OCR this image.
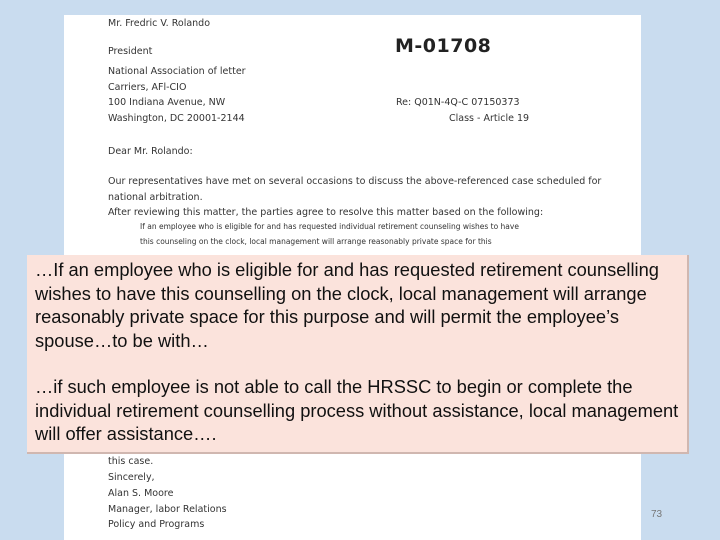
Mr. Fredric V. Rolando
President
National Association of letter
Carriers, AFl-CIO
100 Indiana Avenue, NW
Washington, DC 20001-2144
M-01708
Re: Q01N-4Q-C 07150373
Class - Article 19
Dear Mr. Rolando:
Our representatives have met on several occasions to discuss the above-referenced case scheduled for
national arbitration.
After reviewing this matter, the parties agree to resolve this matter based on the following:
If an employee who is eligible for and has requested individual retirement counseling wishes to have
this counseling on the clock, local management will arrange reasonably private space for this

…If an employee who is eligible for and has requested retirement counselling wishes to have this counselling on the clock, local management will arrange reasonably private space for this purpose and will permit the employee’s spouse…to be with…

…if such employee is not able to call the HRSSC to begin or complete the individual retirement counselling process without assistance, local management will offer assistance….

this case.
Sincerely,
Alan S. Moore
Manager, labor Relations
Policy and Programs
73
